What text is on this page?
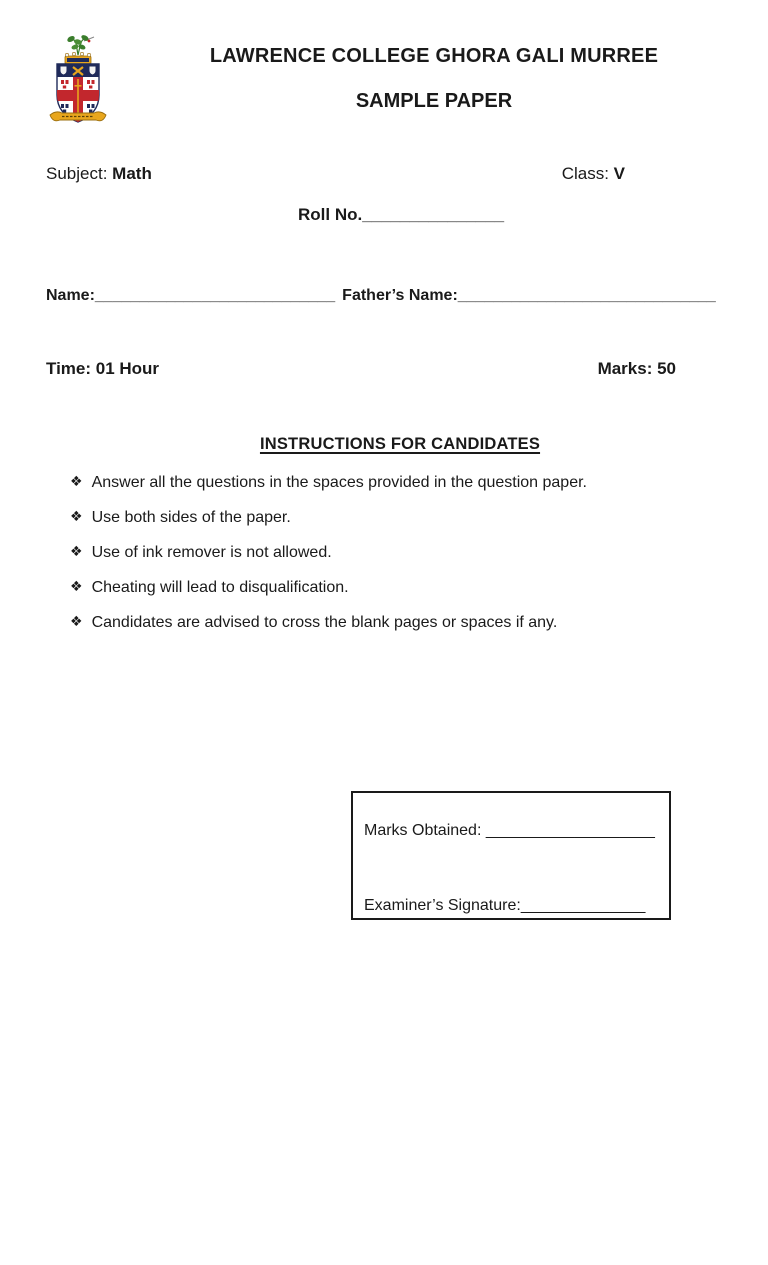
LAWRENCE COLLEGE GHORA GALI MURREE
SAMPLE PAPER
Subject: Math	Class: V
Roll No._______________
Name:___________________________ Father’s Name:_____________________________
Time: 01 Hour	Marks: 50
INSTRUCTIONS FOR CANDIDATES
❖ Answer all the questions in the spaces provided in the question paper.
❖ Use both sides of the paper.
❖ Use of ink remover is not allowed.
❖ Cheating will lead to disqualification.
❖ Candidates are advised to cross the blank pages or spaces if any.
Marks Obtained: ___________________
Examiner’s Signature:______________
